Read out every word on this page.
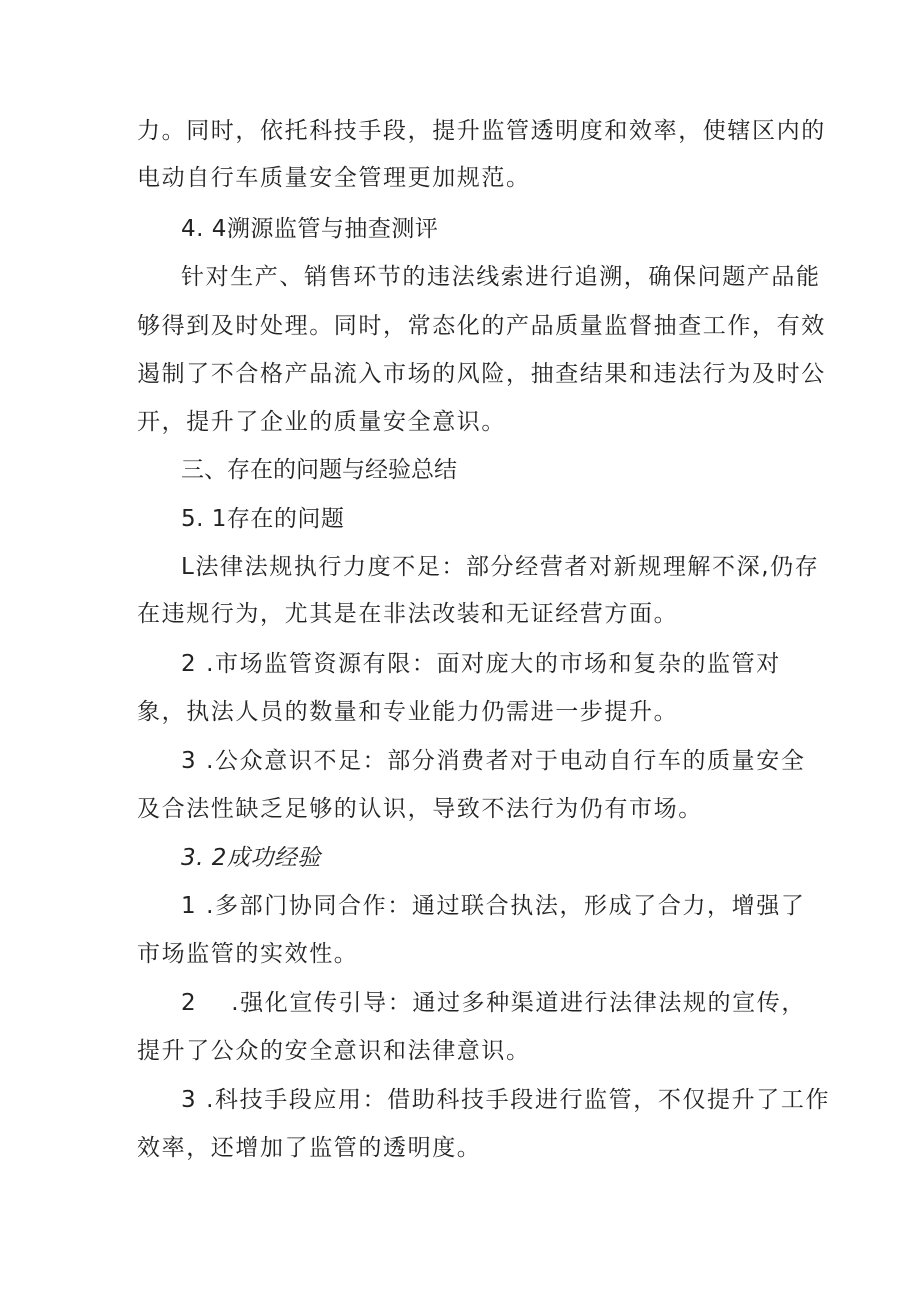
力。同时，依托科技手段，提升监管透明度和效率，使辖区内的
电动自行车质量安全管理更加规范。
4. 4溯源监管与抽查测评
针对生产、销售环节的违法线索进行追溯，确保问题产品能
够得到及时处理。同时，常态化的产品质量监督抽查工作，有效
遏制了不合格产品流入市场的风险，抽查结果和违法行为及时公
开，提升了企业的质量安全意识。
三、存在的问题与经验总结
5. 1存在的问题
L法律法规执行力度不足：部分经营者对新规理解不深,仍存
在违规行为，尤其是在非法改装和无证经营方面。
2 .市场监管资源有限：面对庞大的市场和复杂的监管对
象，执法人员的数量和专业能力仍需进一步提升。
3 .公众意识不足：部分消费者对于电动自行车的质量安全
及合法性缺乏足够的认识，导致不法行为仍有市场。
3. 2成功经验
1 .多部门协同合作：通过联合执法，形成了合力，增强了
市场监管的实效性。
2 .强化宣传引导：通过多种渠道进行法律法规的宣传，
提升了公众的安全意识和法律意识。
3 .科技手段应用：借助科技手段进行监管，不仅提升了工作
效率，还增加了监管的透明度。
